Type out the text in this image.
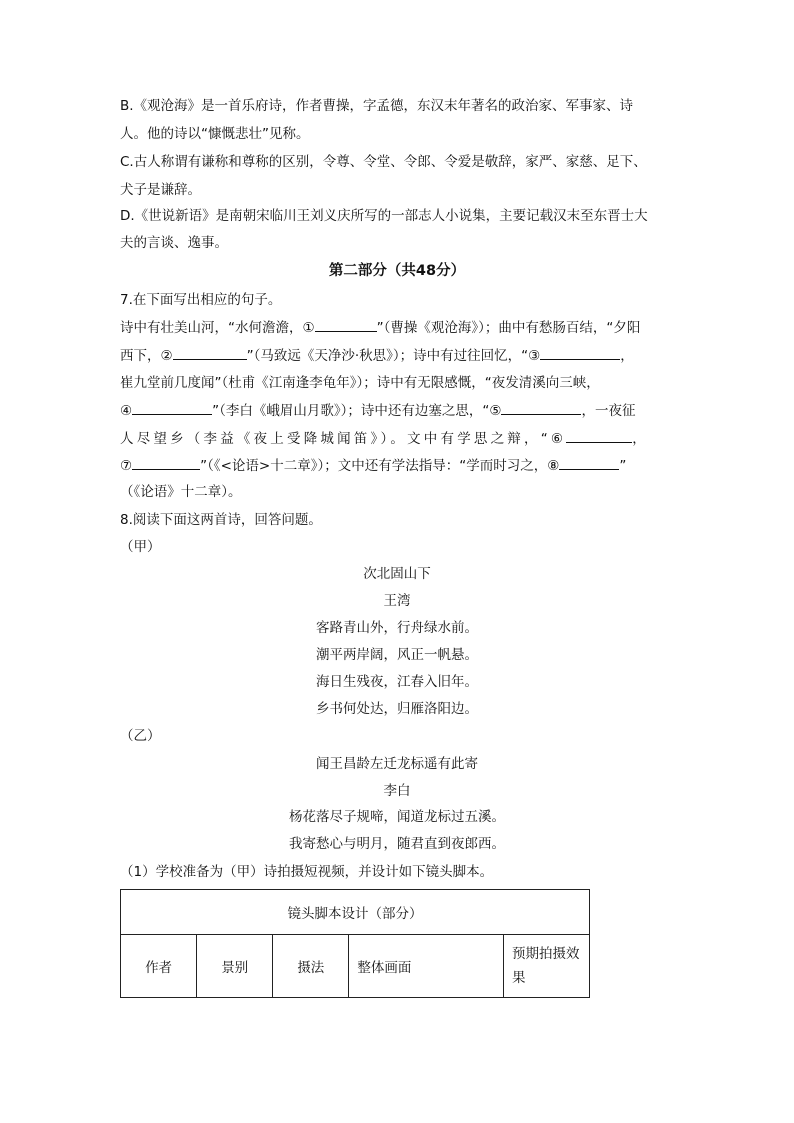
B.《观沧海》是一首乐府诗，作者曹操，字孟德，东汉末年著名的政治家、军事家、诗
人。他的诗以“慷慨悲壮”见称。
C.古人称谓有谦称和尊称的区别，令尊、令堂、令郎、令爱是敬辞，家严、家慈、足下、
犬子是谦辞。
D.《世说新语》是南朝宋临川王刘义庆所写的一部志人小说集，主要记载汉末至东晋士大
夫的言谈、逸事。
第二部分（共48分）
7.在下面写出相应的句子。
诗中有壮美山河，“水何澹澹，①	”（曹操《观沧海》）；曲中有愁肠百结，“夕阳
西下，②	”（马致远《天净沙·秋思》）；诗中有过往回忆，“③	，
崔九堂前几度闻”（杜甫《江南逢李龟年》）；诗中有无限感慨，“夜发清溪向三峡，
④	”（李白《峨眉山月歌》）；诗中还有边塞之思，“⑤	，一夜征
人尽望乡（李益《夜上受降城闻笛》）。文中有学思之辩，“⑥	，
⑦	”（《<论语>十二章》）；文中还有学法指导：“学而时习之，⑧	”
（《论语》十二章）。
8.阅读下面这两首诗，回答问题。
（甲）
次北固山下
王湾
客路青山外，行舟绿水前。
潮平两岸阔，风正一帆悬。
海日生残夜，江春入旧年。
乡书何处达，归雁洛阳边。
（乙）
闻王昌龄左迁龙标遥有此寄
李白
杨花落尽子规啼，闻道龙标过五溪。
我寄愁心与明月，随君直到夜郎西。
（1）学校准备为（甲）诗拍摄短视频，并设计如下镜头脚本。
镜头脚本设计（部分）
作者	景别	摄法	整体画面	预期拍摄效果
